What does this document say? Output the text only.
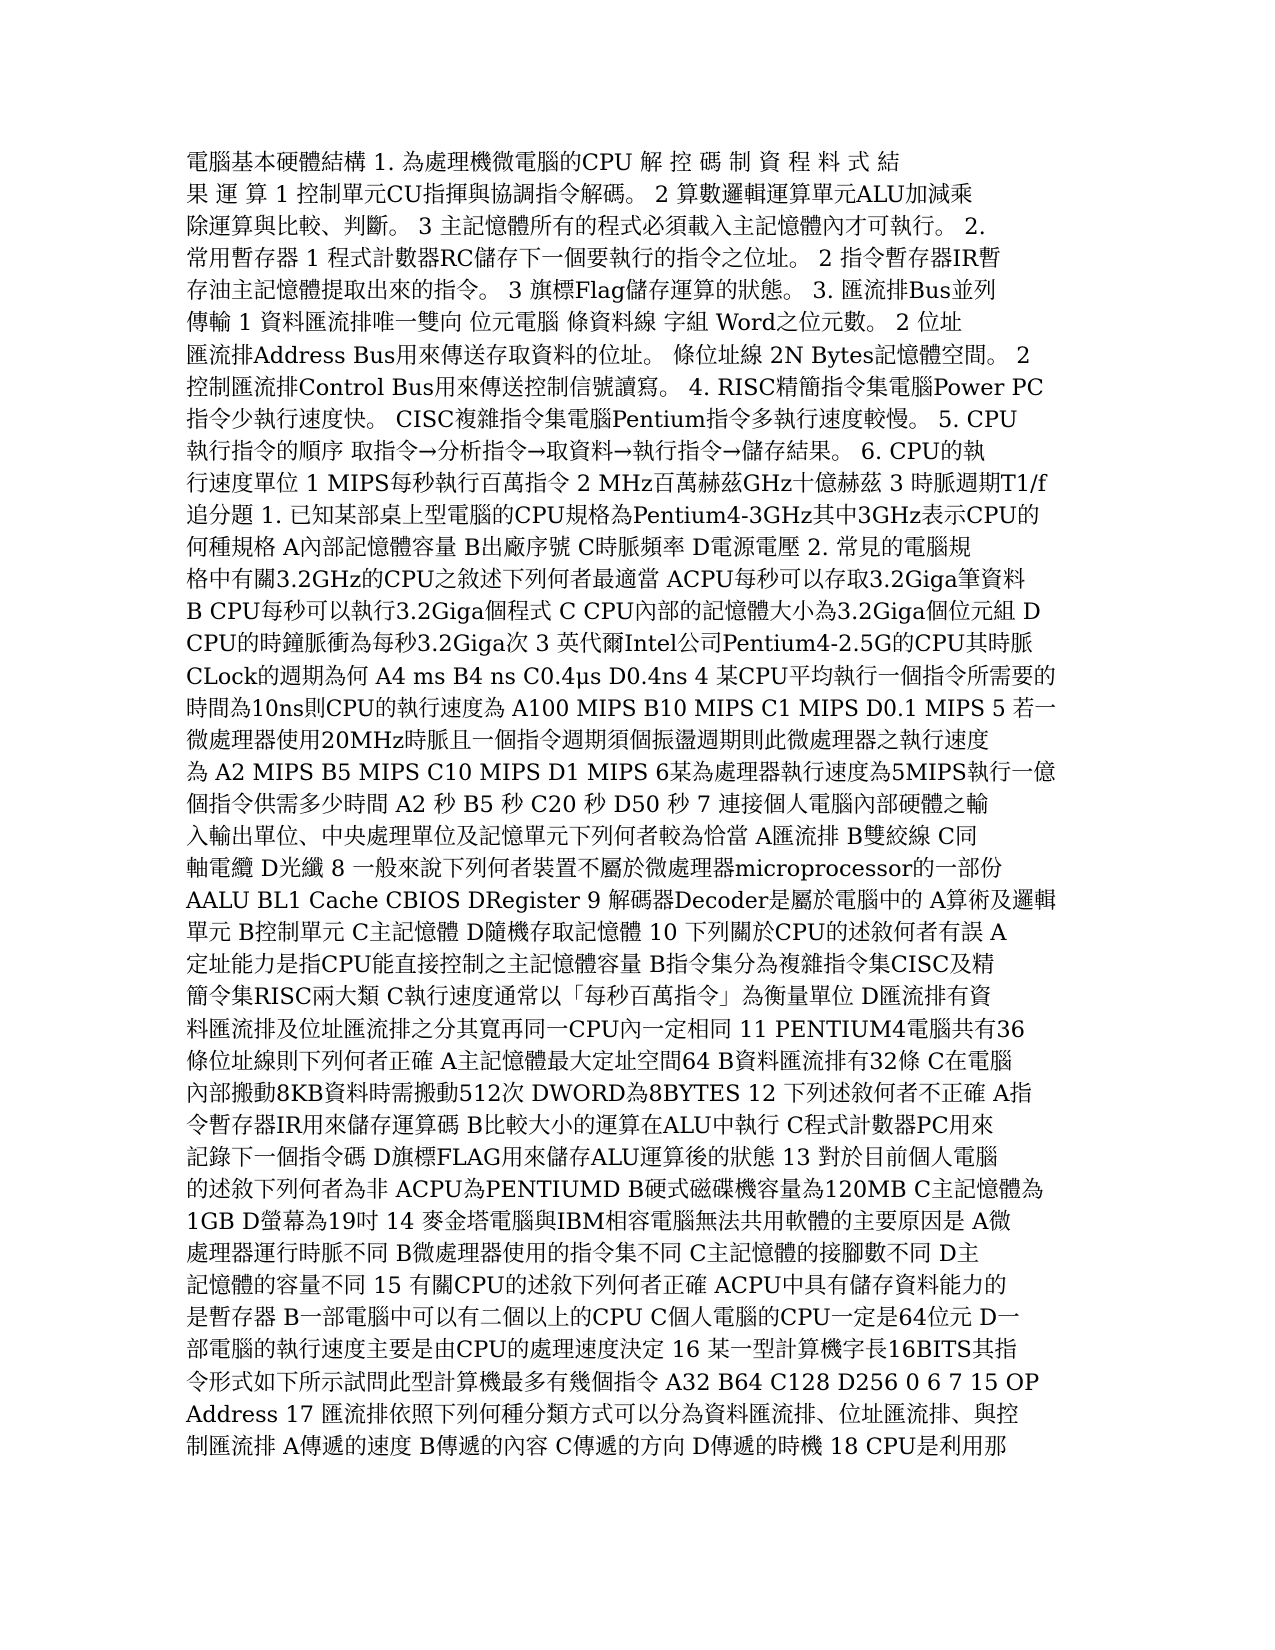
電腦基本硬體結構 1. 為處理機微電腦的CPU 解 控 碼 制 資 程 料 式 結
果 運 算 1 控制單元CU指揮與協調指令解碼。 2 算數邏輯運算單元ALU加減乘
除運算與比較、判斷。 3 主記憶體所有的程式必須載入主記憶體內才可執行。 2.
常用暫存器 1 程式計數器RC儲存下一個要執行的指令之位址。 2 指令暫存器IR暫
存油主記憶體提取出來的指令。 3 旗標Flag儲存運算的狀態。 3. 匯流排Bus並列
傳輸 1 資料匯流排唯一雙向 位元電腦 條資料線 字組 Word之位元數。 2 位址
匯流排Address Bus用來傳送存取資料的位址。 條位址線 2N Bytes記憶體空間。 2
控制匯流排Control Bus用來傳送控制信號讀寫。 4. RISC精簡指令集電腦Power PC
指令少執行速度快。 CISC複雜指令集電腦Pentium指令多執行速度較慢。 5. CPU
執行指令的順序 取指令→分析指令→取資料→執行指令→儲存結果。 6. CPU的執
行速度單位 1 MIPS每秒執行百萬指令 2 MHz百萬赫茲GHz十億赫茲 3 時脈週期T1/f
追分題 1. 已知某部桌上型電腦的CPU規格為Pentium4-3GHz其中3GHz表示CPU的
何種規格 A內部記憶體容量 B出廠序號 C時脈頻率 D電源電壓 2. 常見的電腦規
格中有關3.2GHz的CPU之敘述下列何者最適當 ACPU每秒可以存取3.2Giga筆資料
B CPU每秒可以執行3.2Giga個程式 C CPU內部的記憶體大小為3.2Giga個位元組 D
CPU的時鐘脈衝為每秒3.2Giga次 3 英代爾Intel公司Pentium4-2.5G的CPU其時脈
CLock的週期為何 A4 ms B4 ns C0.4μs D0.4ns 4 某CPU平均執行一個指令所需要的
時間為10ns則CPU的執行速度為 A100 MIPS B10 MIPS C1 MIPS D0.1 MIPS 5 若一
微處理器使用20MHz時脈且一個指令週期須個振盪週期則此微處理器之執行速度
為 A2 MIPS B5 MIPS C10 MIPS D1 MIPS 6某為處理器執行速度為5MIPS執行一億
個指令供需多少時間 A2 秒 B5 秒 C20 秒 D50 秒 7 連接個人電腦內部硬體之輸
入輸出單位、中央處理單位及記憶單元下列何者較為恰當 A匯流排 B雙絞線 C同
軸電纜 D光纖 8 一般來說下列何者裝置不屬於微處理器microprocessor的一部份
AALU BL1 Cache CBIOS DRegister 9 解碼器Decoder是屬於電腦中的 A算術及邏輯
單元 B控制單元 C主記憶體 D隨機存取記憶體 10 下列關於CPU的述敘何者有誤 A
定址能力是指CPU能直接控制之主記憶體容量 B指令集分為複雜指令集CISC及精
簡令集RISC兩大類 C執行速度通常以「每秒百萬指令」為衡量單位 D匯流排有資
料匯流排及位址匯流排之分其寬再同一CPU內一定相同 11 PENTIUM4電腦共有36
條位址線則下列何者正確 A主記憶體最大定址空間64 B資料匯流排有32條 C在電腦
內部搬動8KB資料時需搬動512次 DWORD為8BYTES 12 下列述敘何者不正確 A指
令暫存器IR用來儲存運算碼 B比較大小的運算在ALU中執行 C程式計數器PC用來
記錄下一個指令碼 D旗標FLAG用來儲存ALU運算後的狀態 13 對於目前個人電腦
的述敘下列何者為非 ACPU為PENTIUMD B硬式磁碟機容量為120MB C主記憶體為
1GB D螢幕為19吋 14 麥金塔電腦與IBM相容電腦無法共用軟體的主要原因是 A微
處理器運行時脈不同 B微處理器使用的指令集不同 C主記憶體的接腳數不同 D主
記憶體的容量不同 15 有關CPU的述敘下列何者正確 ACPU中具有儲存資料能力的
是暫存器 B一部電腦中可以有二個以上的CPU C個人電腦的CPU一定是64位元 D一
部電腦的執行速度主要是由CPU的處理速度決定 16 某一型計算機字長16BITS其指
令形式如下所示試問此型計算機最多有幾個指令 A32 B64 C128 D256 0 6 7 15 OP
Address 17 匯流排依照下列何種分類方式可以分為資料匯流排、位址匯流排、與控
制匯流排 A傳遞的速度 B傳遞的內容 C傳遞的方向 D傳遞的時機 18 CPU是利用那
